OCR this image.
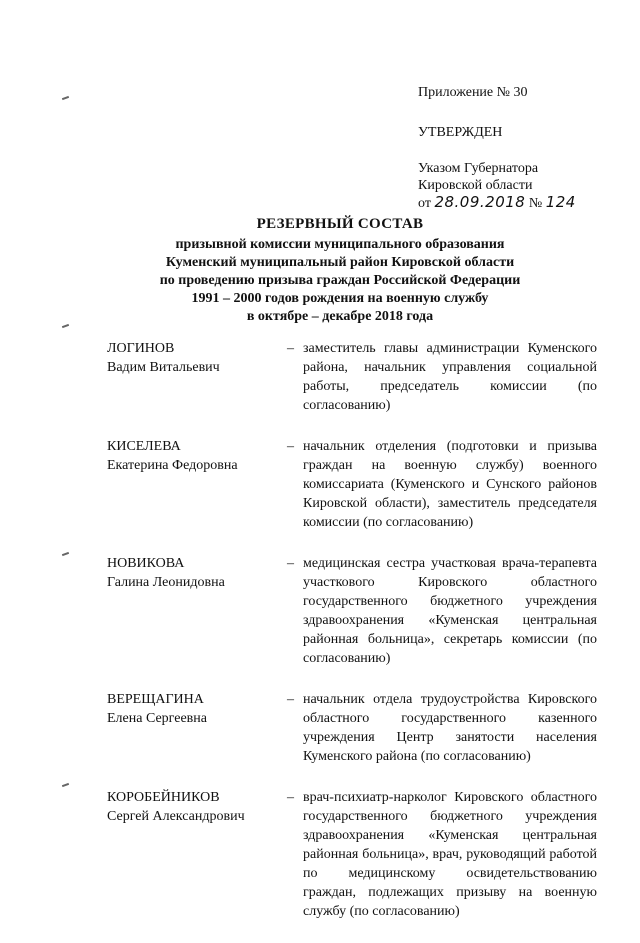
Приложение № 30

УТВЕРЖДЕН

Указом Губернатора

Кировской области

от 28.09.2018 № 124

РЕЗЕРВНЫЙ СОСТАВ

призывной комиссии муниципального образования

Куменский муниципальный район Кировской области

по проведению призыва граждан Российской Федерации

1991 – 2000 годов рождения на военную службу

в октябре – декабре 2018 года

ЛОГИНОВ
Вадим Витальевич
– заместитель главы администрации Куменского района, начальник управления социальной работы, председатель комиссии (по согласованию)
КИСЕЛЕВА
Екатерина Федоровна
– начальник отделения (подготовки и призыва граждан на военную службу) военного комиссариата (Куменского и Сунского районов Кировской области), заместитель председателя комиссии (по согласованию)
НОВИКОВА
Галина Леонидовна
– медицинская сестра участковая врача-терапевта участкового Кировского областного государственного бюджетного учреждения здравоохранения «Куменская центральная районная больница», секретарь комиссии (по согласованию)
ВЕРЕЩАГИНА
Елена Сергеевна
– начальник отдела трудоустройства Кировского областного государственного казенного учреждения Центр занятости населения Куменского района (по согласованию)
КОРОБЕЙНИКОВ
Сергей Александрович
– врач-психиатр-нарколог Кировского областного государственного бюджетного учреждения здравоохранения «Куменская центральная районная больница», врач, руководящий работой по медицинскому освидетельствованию граждан, подлежащих призыву на военную службу (по согласованию)
